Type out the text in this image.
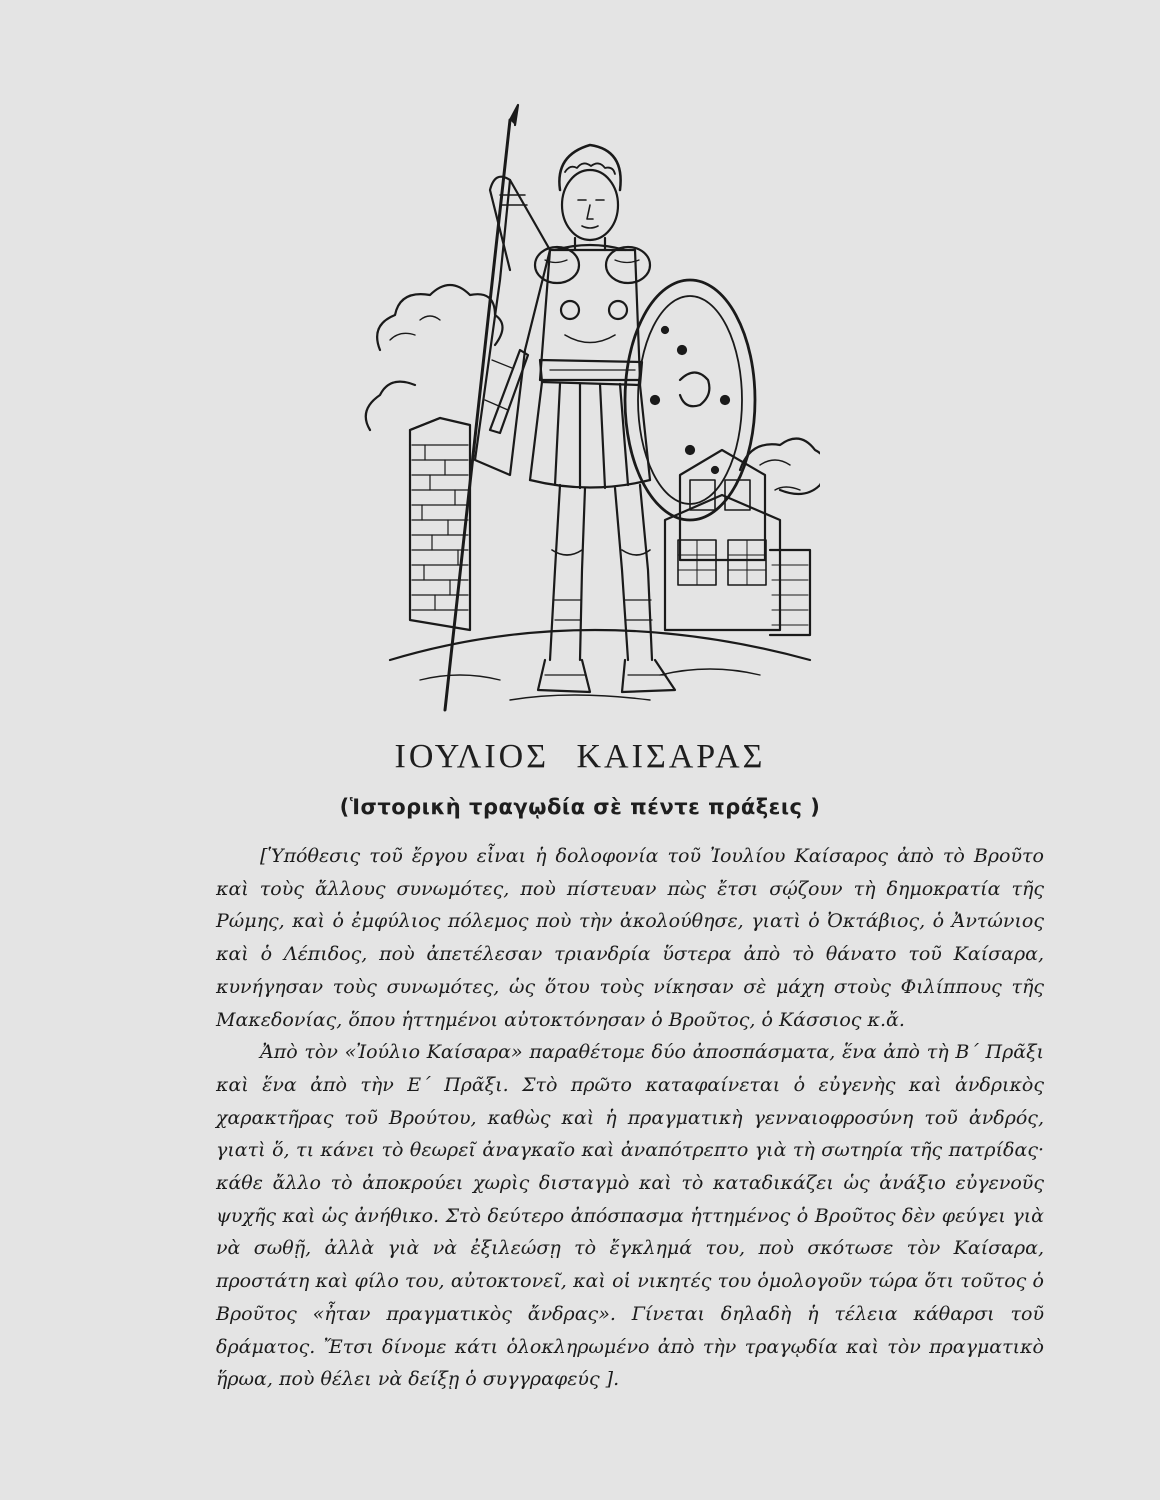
ΙΟΥΛΙΟΣ ΚΑΙΣΑΡΑΣ
(Ἱστορικὴ τραγῳδία σὲ πέντε πράξεις )

[Ὑπόθεσις τοῦ ἔργου εἶναι ἡ δολοφονία τοῦ Ἰουλίου Καίσαρος ἀπὸ τὸ Βροῦτο καὶ τοὺς ἄλλους συνωμότες, ποὺ πίστευαν πὼς ἔτσι σῴζουν τὴ δημοκρατία τῆς Ρώμης, καὶ ὁ ἐμφύλιος πόλεμος ποὺ τὴν ἀκολούθησε, γιατὶ ὁ Ὀκτάβιος, ὁ Ἀντώνιος καὶ ὁ Λέπιδος, ποὺ ἀπετέλεσαν τριανδρία ὕστερα ἀπὸ τὸ θάνατο τοῦ Καίσαρα, κυνήγησαν τοὺς συνωμότες, ὡς ὅτου τοὺς νίκησαν σὲ μάχη στοὺς Φιλίππους τῆς Μακεδονίας, ὅπου ἡττημένοι αὐτοκτόνησαν ὁ Βροῦτος, ὁ Κάσσιος κ.ἄ.

Ἀπὸ τὸν «Ἰούλιο Καίσαρα» παραθέτομε δύο ἀποσπάσματα, ἕνα ἀπὸ τὴ Β΄ Πρᾶξι καὶ ἕνα ἀπὸ τὴν Ε΄ Πρᾶξι. Στὸ πρῶτο καταφαίνεται ὁ εὐγενὴς καὶ ἀνδρικὸς χαρακτῆρας τοῦ Βρούτου, καθὼς καὶ ἡ πραγματικὴ γενναιοφροσύνη τοῦ ἀνδρός, γιατὶ ὅ, τι κάνει τὸ θεωρεῖ ἀναγκαῖο καὶ ἀναπότρεπτο γιὰ τὴ σωτηρία τῆς πατρίδας· κάθε ἄλλο τὸ ἀποκρούει χωρὶς δισταγμὸ καὶ τὸ καταδικάζει ὡς ἀνάξιο εὐγενοῦς ψυχῆς καὶ ὡς ἀνήθικο. Στὸ δεύτερο ἀπόσπασμα ἡττημένος ὁ Βροῦτος δὲν φεύγει γιὰ νὰ σωθῇ, ἀλλὰ γιὰ νὰ ἐξιλεώσῃ τὸ ἔγκλημά του, ποὺ σκότωσε τὸν Καίσαρα, προστάτη καὶ φίλο του, αὐτοκτονεῖ, καὶ οἱ νικητές του ὁμολογοῦν τώρα ὅτι τοῦτος ὁ Βροῦτος «ἦταν πραγματικὸς ἄνδρας». Γίνεται δηλαδὴ ἡ τέλεια κάθαρσι τοῦ δράματος. Ἔτσι δίνομε κάτι ὁλοκληρωμένο ἀπὸ τὴν τραγῳδία καὶ τὸν πραγματικὸ ἥρωα, ποὺ θέλει νὰ δείξῃ ὁ συγγραφεύς ].
